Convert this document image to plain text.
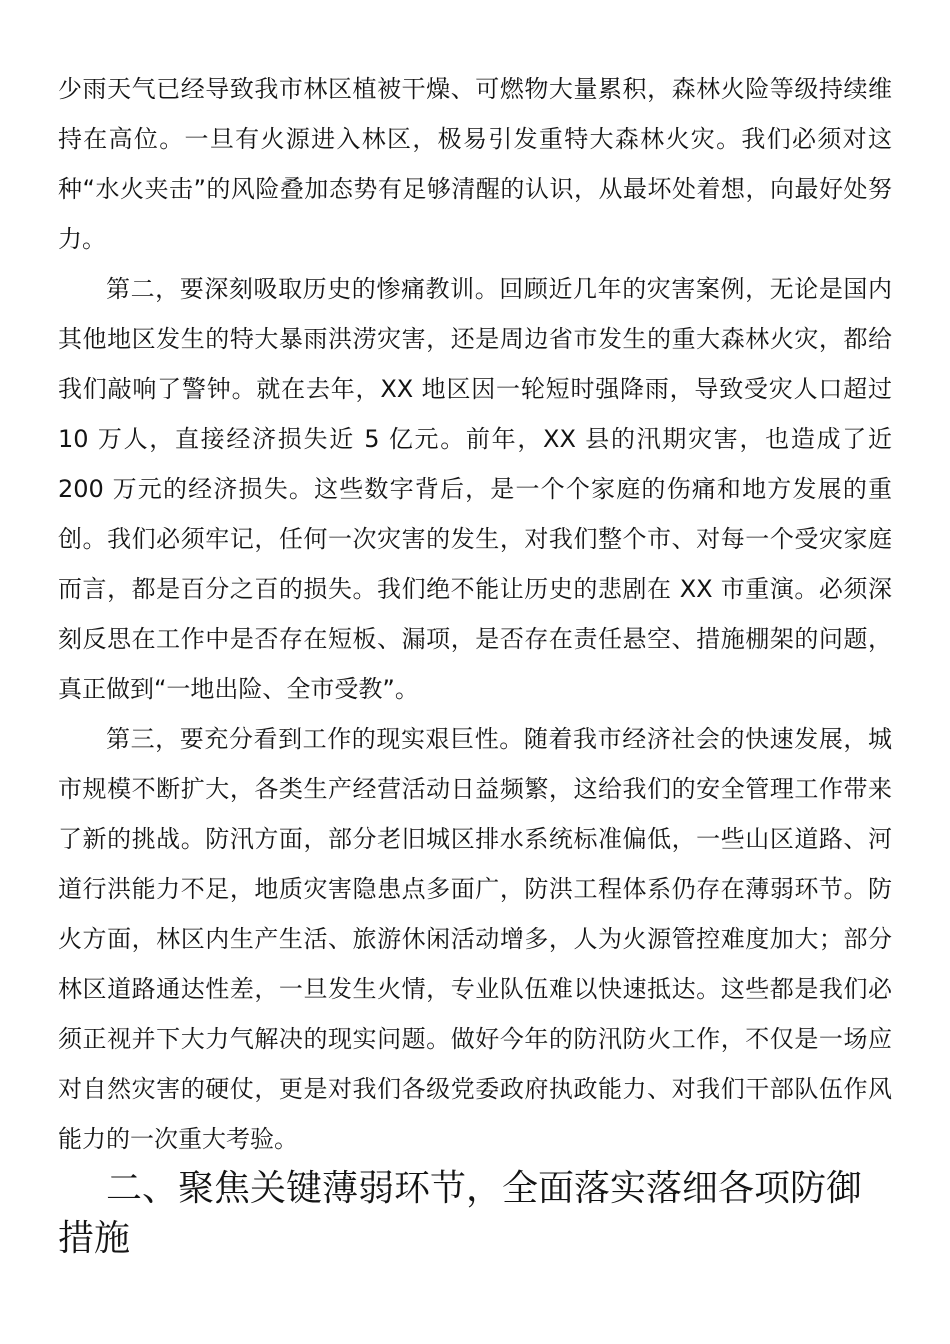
少雨天气已经导致我市林区植被干燥、可燃物大量累积，森林火险等级持续维持在高位。一旦有火源进入林区，极易引发重特大森林火灾。我们必须对这种“水火夹击”的风险叠加态势有足够清醒的认识，从最坏处着想，向最好处努力。

第二，要深刻吸取历史的惨痛教训。回顾近几年的灾害案例，无论是国内其他地区发生的特大暴雨洪涝灾害，还是周边省市发生的重大森林火灾，都给我们敲响了警钟。就在去年，XX 地区因一轮短时强降雨，导致受灾人口超过 10 万人，直接经济损失近 5 亿元。前年，XX 县的汛期灾害，也造成了近 200 万元的经济损失。这些数字背后，是一个个家庭的伤痛和地方发展的重创。我们必须牢记，任何一次灾害的发生，对我们整个市、对每一个受灾家庭而言，都是百分之百的损失。我们绝不能让历史的悲剧在 XX 市重演。必须深刻反思在工作中是否存在短板、漏项，是否存在责任悬空、措施棚架的问题，真正做到“一地出险、全市受教”。

第三，要充分看到工作的现实艰巨性。随着我市经济社会的快速发展，城市规模不断扩大，各类生产经营活动日益频繁，这给我们的安全管理工作带来了新的挑战。防汛方面，部分老旧城区排水系统标准偏低，一些山区道路、河道行洪能力不足，地质灾害隐患点多面广，防洪工程体系仍存在薄弱环节。防火方面，林区内生产生活、旅游休闲活动增多，人为火源管控难度加大；部分林区道路通达性差，一旦发生火情，专业队伍难以快速抵达。这些都是我们必须正视并下大力气解决的现实问题。做好今年的防汛防火工作，不仅是一场应对自然灾害的硬仗，更是对我们各级党委政府执政能力、对我们干部队伍作风能力的一次重大考验。

二、聚焦关键薄弱环节，全面落实落细各项防御措施
